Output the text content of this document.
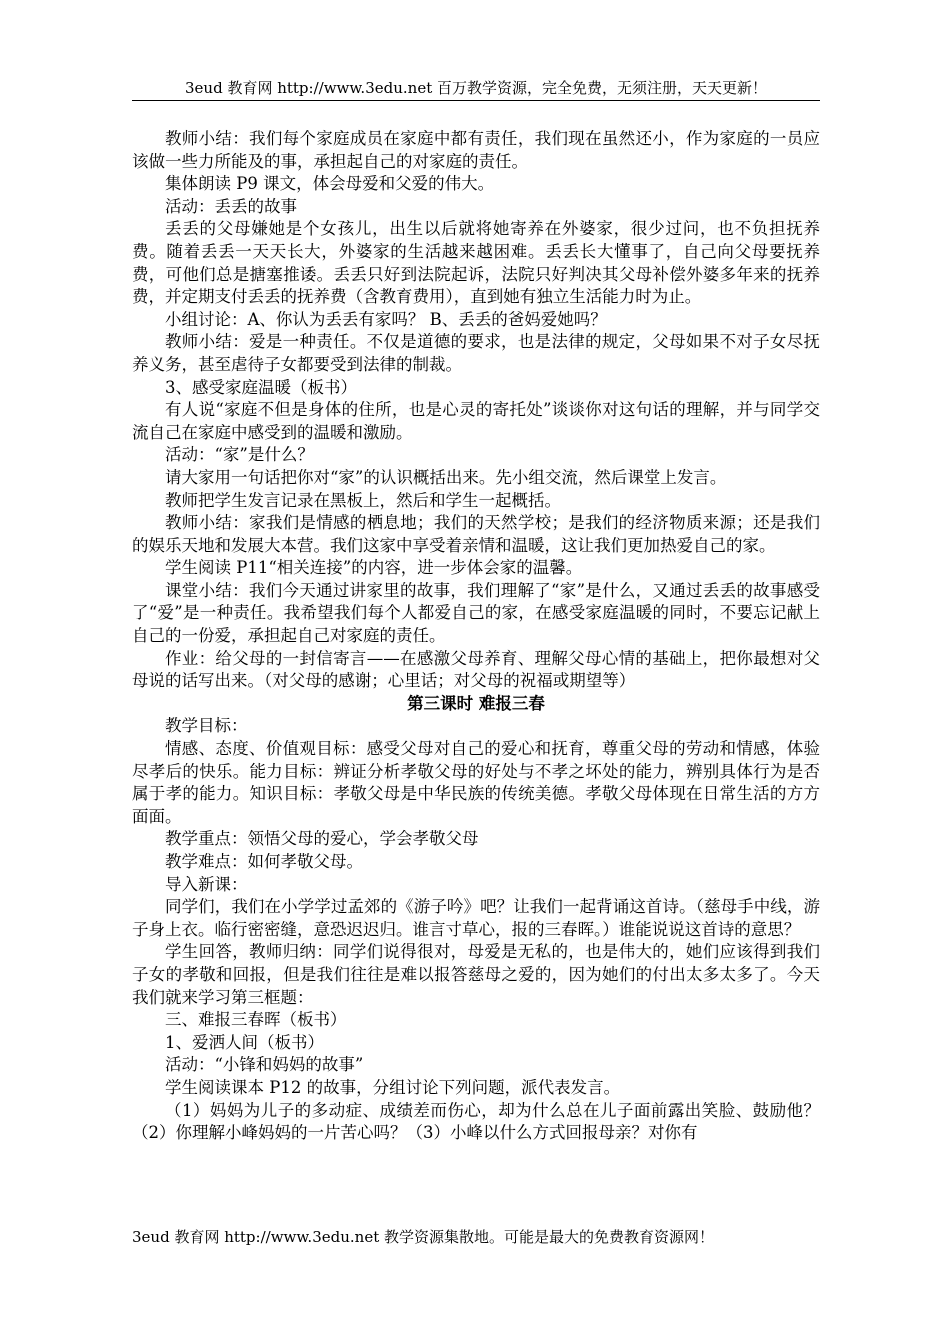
3eud 教育网 http://www.3edu.net 百万教学资源，完全免费，无须注册，天天更新！

教师小结：我们每个家庭成员在家庭中都有责任，我们现在虽然还小，作为家庭的一员应该做一些力所能及的事，承担起自己的对家庭的责任。

集体朗读 P9 课文，体会母爱和父爱的伟大。

活动：丢丢的故事

丢丢的父母嫌她是个女孩儿，出生以后就将她寄养在外婆家，很少过问，也不负担抚养费。随着丢丢一天天长大，外婆家的生活越来越困难。丢丢长大懂事了，自己向父母要抚养费，可他们总是搪塞推诿。丢丢只好到法院起诉，法院只好判决其父母补偿外婆多年来的抚养费，并定期支付丢丢的抚养费（含教育费用），直到她有独立生活能力时为止。

小组讨论：A、你认为丢丢有家吗？ B、丢丢的爸妈爱她吗？

教师小结：爱是一种责任。不仅是道德的要求，也是法律的规定，父母如果不对子女尽抚养义务，甚至虐待子女都要受到法律的制裁。

3、感受家庭温暖（板书）

有人说“家庭不但是身体的住所，也是心灵的寄托处”谈谈你对这句话的理解，并与同学交流自己在家庭中感受到的温暖和激励。

活动：“家”是什么？

请大家用一句话把你对“家”的认识概括出来。先小组交流，然后课堂上发言。

教师把学生发言记录在黑板上，然后和学生一起概括。

教师小结：家我们是情感的栖息地；我们的天然学校；是我们的经济物质来源；还是我们的娱乐天地和发展大本营。我们这家中享受着亲情和温暖，这让我们更加热爱自己的家。

学生阅读 P11“相关连接”的内容，进一步体会家的温馨。

课堂小结：我们今天通过讲家里的故事，我们理解了“家”是什么，又通过丢丢的故事感受了“爱”是一种责任。我希望我们每个人都爱自己的家，在感受家庭温暖的同时，不要忘记献上自己的一份爱，承担起自己对家庭的责任。

作业：给父母的一封信寄言——在感激父母养育、理解父母心情的基础上，把你最想对父母说的话写出来。（对父母的感谢；心里话；对父母的祝福或期望等）

第三课时 难报三春

教学目标：

情感、态度、价值观目标：感受父母对自己的爱心和抚育，尊重父母的劳动和情感，体验尽孝后的快乐。能力目标：辨证分析孝敬父母的好处与不孝之坏处的能力，辨别具体行为是否属于孝的能力。知识目标：孝敬父母是中华民族的传统美德。孝敬父母体现在日常生活的方方面面。

教学重点：领悟父母的爱心，学会孝敬父母

教学难点：如何孝敬父母。

导入新课：

同学们，我们在小学学过孟郊的《游子吟》吧？让我们一起背诵这首诗。（慈母手中线，游子身上衣。临行密密缝，意恐迟迟归。谁言寸草心，报的三春晖。）谁能说说这首诗的意思？

学生回答，教师归纳：同学们说得很对，母爱是无私的，也是伟大的，她们应该得到我们子女的孝敬和回报，但是我们往往是难以报答慈母之爱的，因为她们的付出太多太多了。今天我们就来学习第三框题：

三、难报三春晖（板书）

1、爱洒人间（板书）

活动：“小锋和妈妈的故事”

学生阅读课本 P12 的故事，分组讨论下列问题，派代表发言。

（1）妈妈为儿子的多动症、成绩差而伤心，却为什么总在儿子面前露出笑脸、鼓励他？（2）你理解小峰妈妈的一片苦心吗？（3）小峰以什么方式回报母亲？对你有

3eud 教育网 http://www.3edu.net 教学资源集散地。可能是最大的免费教育资源网！
